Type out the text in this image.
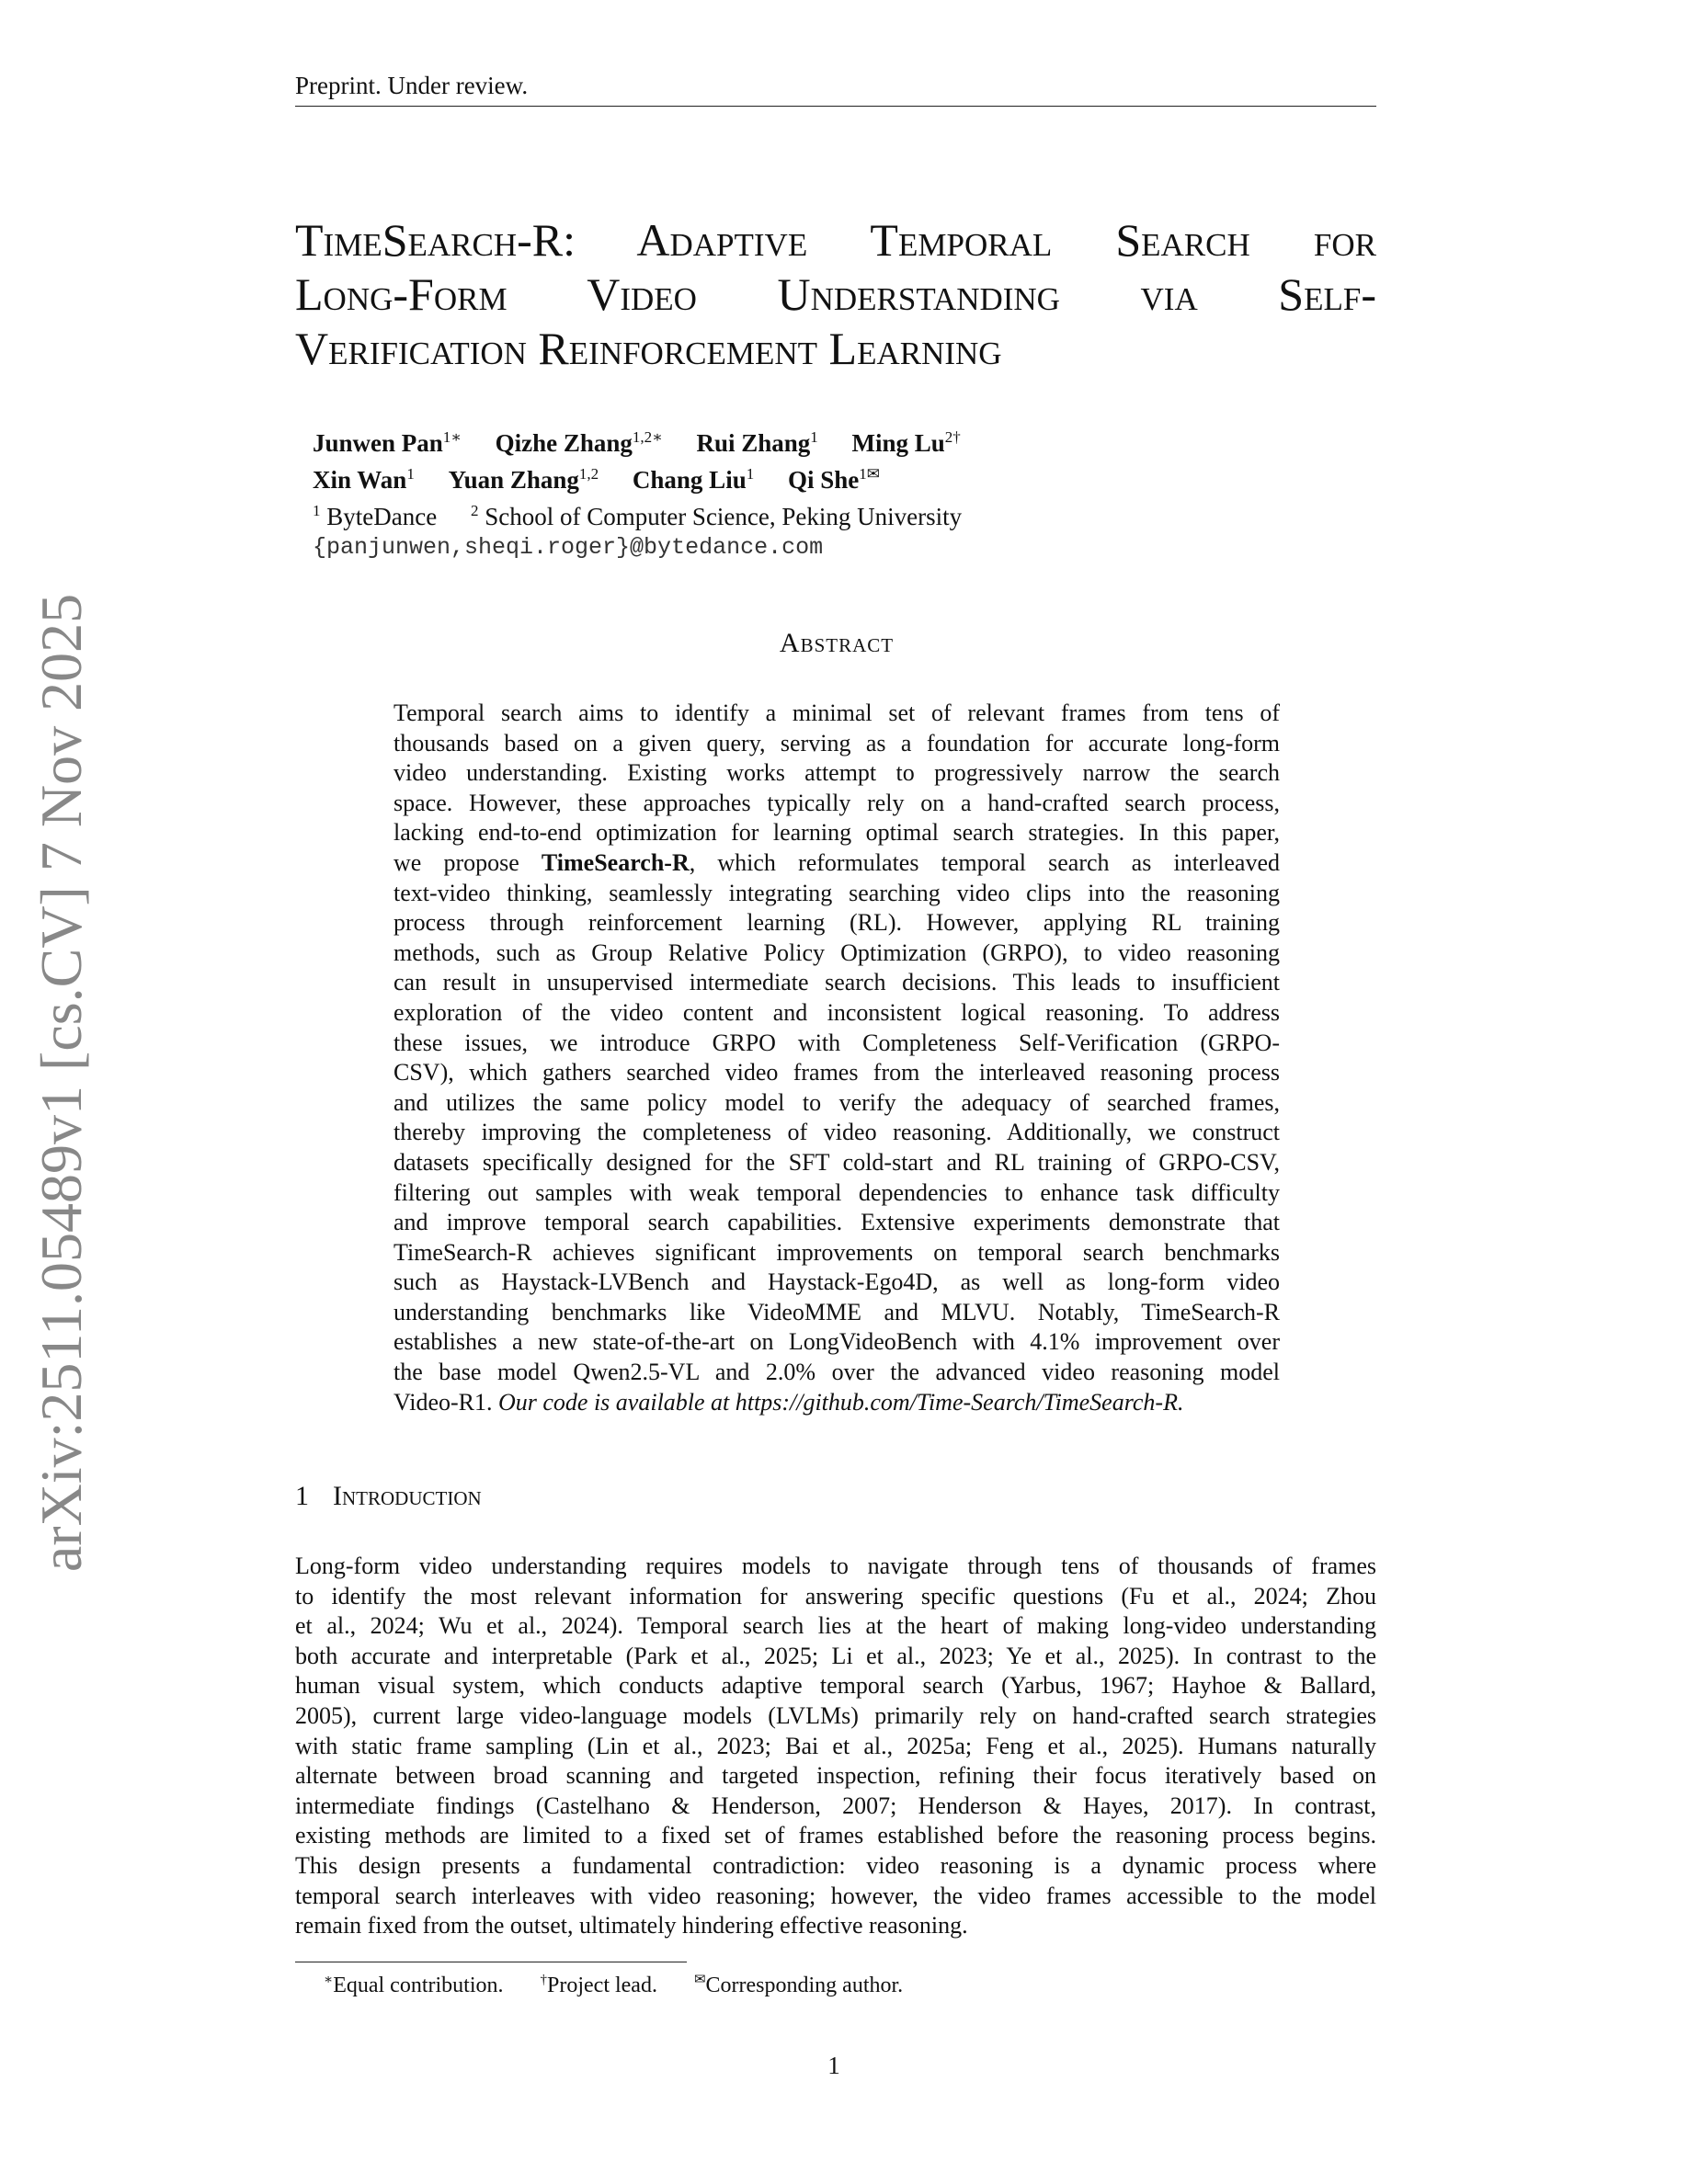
Preprint. Under review.
TimeSearch-R: Adaptive Temporal Search for
Long-Form Video Understanding via Self-
Verification Reinforcement Learning
Junwen Pan$^{1∗}$ Qizhe Zhang$^{1,2∗}$ Rui Zhang$^1$ Ming $Lu^{2\dagger}$
Xin Wan$^1$ Yuan Zhang$^{1,2}$ Chang Liu$^1$ Qi She$^{1✉}$
$^1$ ByteDance $^2$ School of Computer Science, Peking University
{panjunwen,sheqi.roger}@bytedance.com
arXiv:2511.05489v1 [cs.CV] 7 Nov 2025	Abstract
Temporal search aims to identify a minimal set of relevant frames from tens of
thousands based on a given query, serving as a foundation for accurate long-form
video understanding. Existing works attempt to progressively narrow the search
space. However, these approaches typically rely on a hand-crafted search process,
lacking end-to-end optimization for learning optimal search strategies. In this paper,
we propose TimeSearch-R, which reformulates temporal search as interleaved
text-video thinking, seamlessly integrating searching video clips into the reasoning
process through reinforcement learning (RL). However, applying RL training
methods, such as Group Relative Policy Optimization (GRPO), to video reasoning
can result in unsupervised intermediate search decisions. This leads to insufficient
exploration of the video content and inconsistent logical reasoning. To address
these issues, we introduce GRPO with Completeness Self-Verification (GRPO-
CSV), which gathers searched video frames from the interleaved reasoning process
and utilizes the same policy model to verify the adequacy of searched frames,
thereby improving the completeness of video reasoning. Additionally, we construct
datasets specifically designed for the SFT cold-start and RL training of GRPO-CSV,
filtering out samples with weak temporal dependencies to enhance task difficulty
and improve temporal search capabilities. Extensive experiments demonstrate that
TimeSearch-R achieves significant improvements on temporal search benchmarks
such as Haystack-LVBench and Haystack-Ego4D, as well as long-form video
understanding benchmarks like VideoMME and MLVU. Notably, TimeSearch-R
establishes a new state-of-the-art on LongVideoBench with 4.1% improvement over
the base model Qwen2.5-VL and 2.0% over the advanced video reasoning model
Video-R1. Our code is available at https://github.com/Time-Search/TimeSearch-R.
1 Introduction
Long-form video understanding requires models to navigate through tens of thousands of frames
to identify the most relevant information for answering specific questions (Fu et al., 2024; Zhou
et al., 2024; Wu et al., 2024). Temporal search lies at the heart of making long-video understanding
both accurate and interpretable (Park et al., 2025; Li et al., 2023; Ye et al., 2025). In contrast to the
human visual system, which conducts adaptive temporal search (Yarbus, 1967; Hayhoe & Ballard,
2005), current large video-language models (LVLMs) primarily rely on hand-crafted search strategies
with static frame sampling (Lin et al., 2023; Bai et al., 2025a; Feng et al., 2025). Humans naturally
alternate between broad scanning and targeted inspection, refining their focus iteratively based on
intermediate findings (Castelhano & Henderson, 2007; Henderson & Hayes, 2017). In contrast,
existing methods are limited to a fixed set of frames established before the reasoning process begins.
This design presents a fundamental contradiction: video reasoning is a dynamic process where
temporal search interleaves with video reasoning; however, the video frames accessible to the model
remain fixed from the outset, ultimately hindering effective reasoning.
∗Equal contribution.	†Project lead.	✉Corresponding author.
1
